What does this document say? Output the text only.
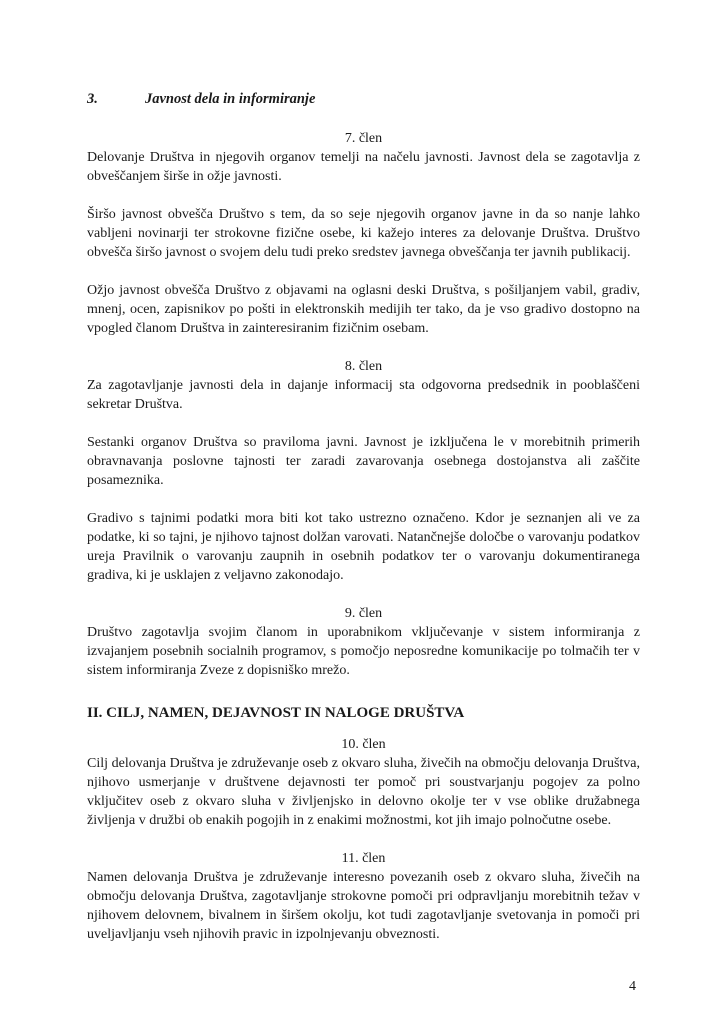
3.	Javnost dela in informiranje

7. člen

Delovanje Društva in njegovih organov temelji na načelu javnosti. Javnost dela se zagotavlja z obveščanjem širše in ožje javnosti.

Širšo javnost obvešča Društvo s tem, da so seje njegovih organov javne in da so nanje lahko vabljeni novinarji ter strokovne fizične osebe, ki kažejo interes za delovanje Društva. Društvo obvešča širšo javnost o svojem delu tudi preko sredstev javnega obveščanja ter javnih publikacij.

Ožjo javnost obvešča Društvo z objavami na oglasni deski Društva, s pošiljanjem vabil, gradiv, mnenj, ocen, zapisnikov po pošti in elektronskih medijih ter tako, da je vso gradivo dostopno na vpogled članom Društva in zainteresiranim fizičnim osebam.

8. člen

Za zagotavljanje javnosti dela in dajanje informacij sta odgovorna predsednik in pooblaščeni sekretar Društva.

Sestanki organov Društva so praviloma javni. Javnost je izključena le v morebitnih primerih obravnavanja poslovne tajnosti ter zaradi zavarovanja osebnega dostojanstva ali zaščite posameznika.

Gradivo s tajnimi podatki mora biti kot tako ustrezno označeno. Kdor je seznanjen ali ve za podatke, ki so tajni, je njihovo tajnost dolžan varovati. Natančnejše določbe o varovanju podatkov ureja Pravilnik o varovanju zaupnih in osebnih podatkov ter o varovanju dokumentiranega gradiva, ki je usklajen z veljavno zakonodajo.

9. člen

Društvo zagotavlja svojim članom in uporabnikom vključevanje v sistem informiranja z izvajanjem posebnih socialnih programov, s pomočjo neposredne komunikacije po tolmačih ter v sistem informiranja Zveze z dopisniško mrežo.

II. CILJ, NAMEN, DEJAVNOST IN NALOGE DRUŠTVA

10. člen

Cilj delovanja Društva je združevanje oseb z okvaro sluha, živečih na območju delovanja Društva, njihovo usmerjanje v društvene dejavnosti ter pomoč pri soustvarjanju pogojev za polno vključitev oseb z okvaro sluha v življenjsko in delovno okolje ter v vse oblike družabnega življenja v družbi ob enakih pogojih in z enakimi možnostmi, kot jih imajo polnočutne osebe.

11. člen

Namen delovanja Društva je združevanje interesno povezanih oseb z okvaro sluha, živečih na območju delovanja Društva, zagotavljanje strokovne pomoči pri odpravljanju morebitnih težav v njihovem delovnem, bivalnem in širšem okolju, kot tudi zagotavljanje svetovanja in pomoči pri uveljavljanju vseh njihovih pravic in izpolnjevanju obveznosti.

4
